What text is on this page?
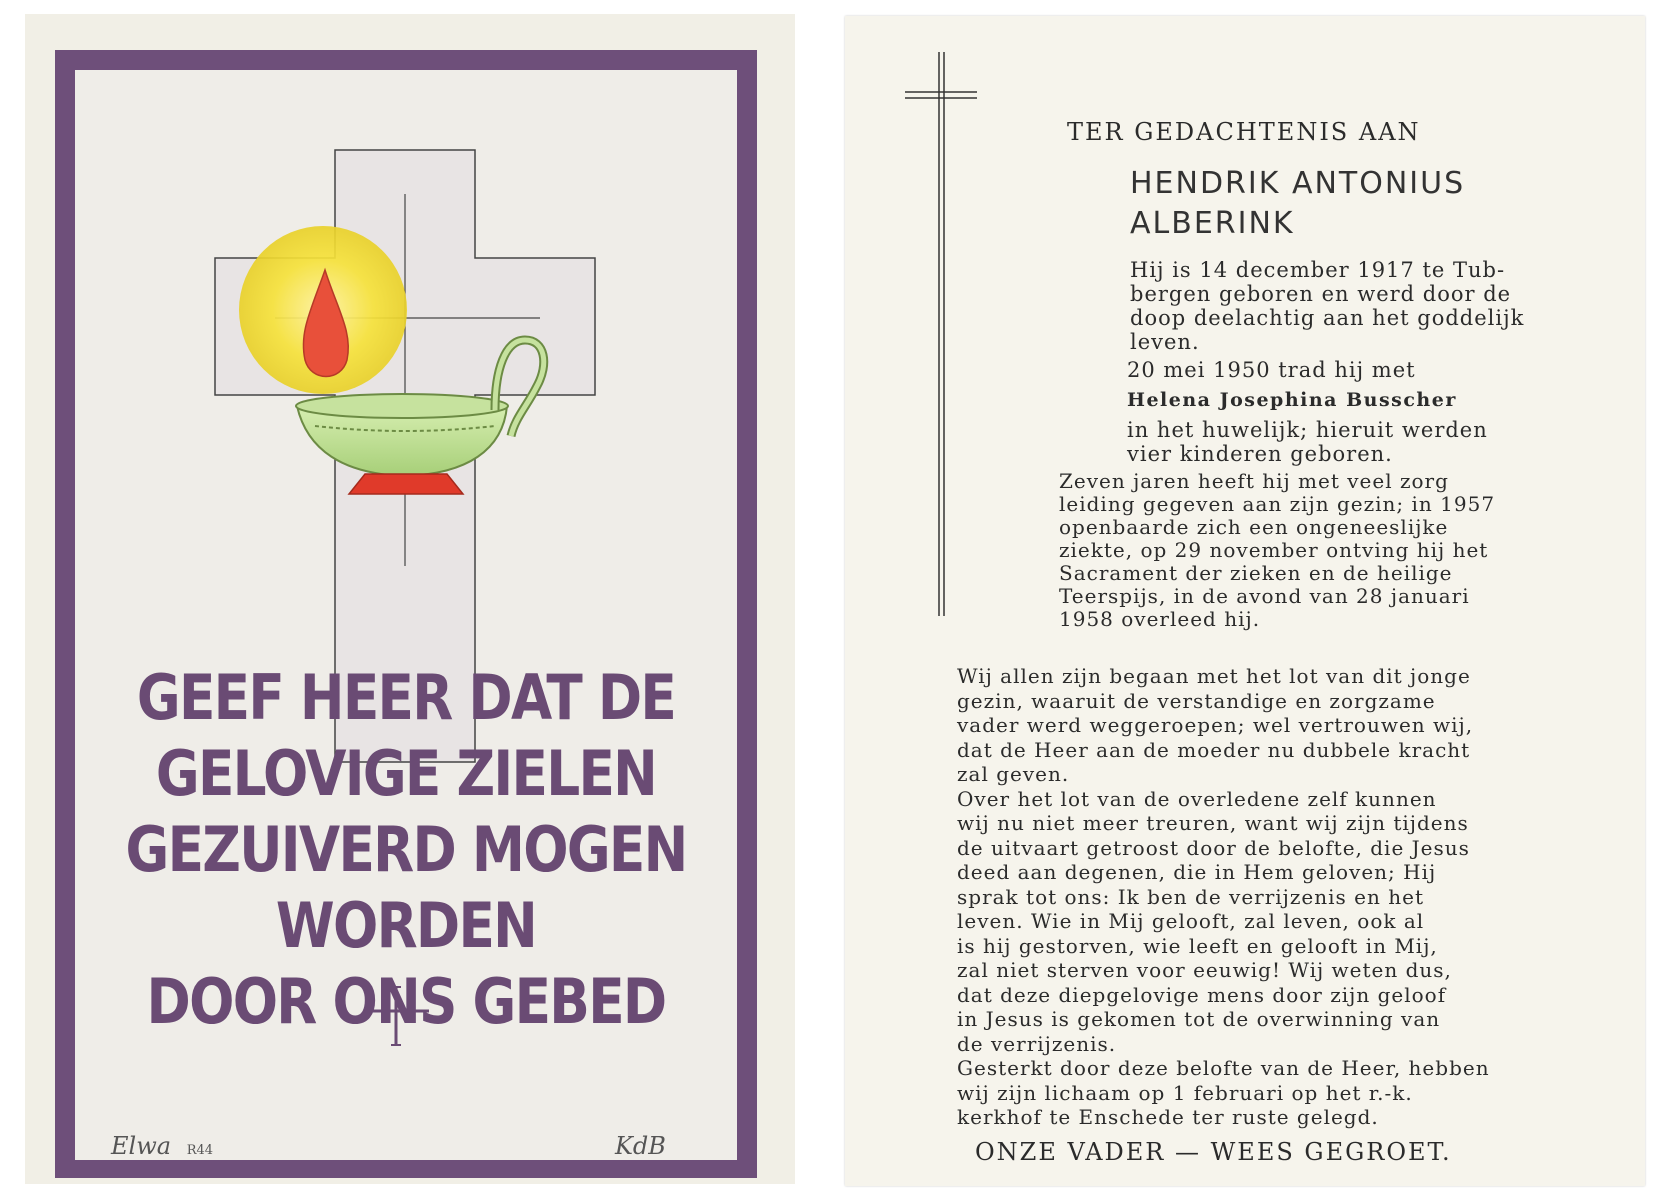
GEEF HEER DAT DE
GELOVIGE ZIELEN
GEZUIVERD MOGEN
WORDEN
DOOR ONS GEBED
Elwa R44	KdB
TER GEDACHTENIS AAN
HENDRIK ANTONIUS
ALBERINK
Hij is 14 december 1917 te Tub-
bergen geboren en werd door de
doop deelachtig aan het goddelijk
leven.
20 mei 1950 trad hij met
Helena Josephina Busscher
in het huwelijk; hieruit werden
vier kinderen geboren.
Zeven jaren heeft hij met veel zorg
leiding gegeven aan zijn gezin; in 1957
openbaarde zich een ongeneeslijke
ziekte, op 29 november ontving hij het
Sacrament der zieken en de heilige
Teerspijs, in de avond van 28 januari
1958 overleed hij.
Wij allen zijn begaan met het lot van dit jonge
gezin, waaruit de verstandige en zorgzame
vader werd weggeroepen; wel vertrouwen wij,
dat de Heer aan de moeder nu dubbele kracht
zal geven.
Over het lot van de overledene zelf kunnen
wij nu niet meer treuren, want wij zijn tijdens
de uitvaart getroost door de belofte, die Jesus
deed aan degenen, die in Hem geloven; Hij
sprak tot ons: Ik ben de verrijzenis en het
leven. Wie in Mij gelooft, zal leven, ook al
is hij gestorven, wie leeft en gelooft in Mij,
zal niet sterven voor eeuwig! Wij weten dus,
dat deze diepgelovige mens door zijn geloof
in Jesus is gekomen tot de overwinning van
de verrijzenis.
Gesterkt door deze belofte van de Heer, hebben
wij zijn lichaam op 1 februari op het r.-k.
kerkhof te Enschede ter ruste gelegd.
ONZE VADER — WEES GEGROET.
